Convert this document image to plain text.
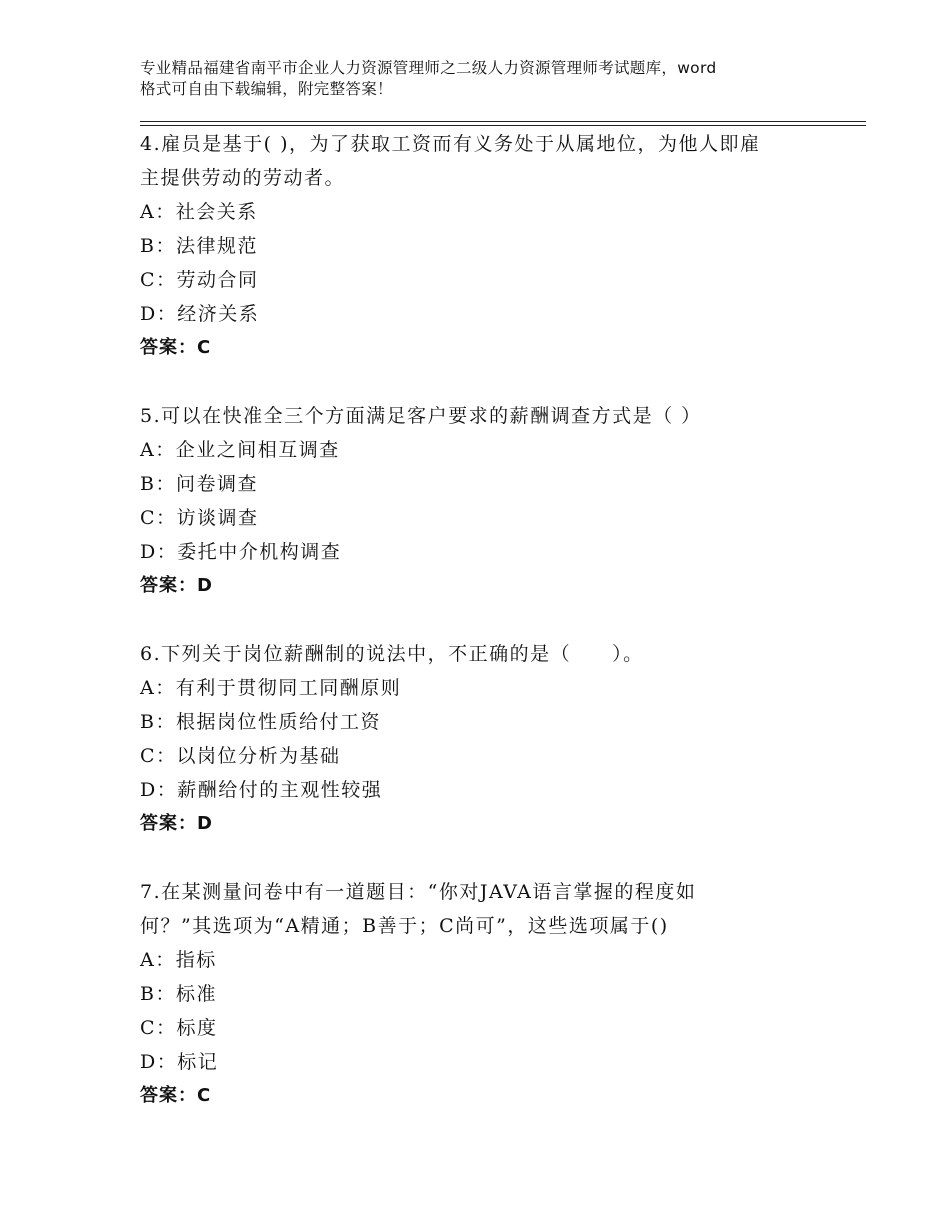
专业精品福建省南平市企业人力资源管理师之二级人力资源管理师考试题库，word
格式可自由下载编辑，附完整答案！
4.雇员是基于( )，为了获取工资而有义务处于从属地位，为他人即雇
主提供劳动的劳动者。
A：社会关系
B：法律规范
C：劳动合同
D：经济关系
答案：C
5.可以在快准全三个方面满足客户要求的薪酬调查方式是（ ）
A：企业之间相互调查
B：问卷调查
C：访谈调查
D：委托中介机构调查
答案：D
6.下列关于岗位薪酬制的说法中，不正确的是（　　）。
A：有利于贯彻同工同酬原则
B：根据岗位性质给付工资
C：以岗位分析为基础
D：薪酬给付的主观性较强
答案：D
7.在某测量问卷中有一道题目：“你对JAVA语言掌握的程度如
何？”其选项为“A精通；B善于；C尚可”，这些选项属于()
A：指标
B：标准
C：标度
D：标记
答案：C
